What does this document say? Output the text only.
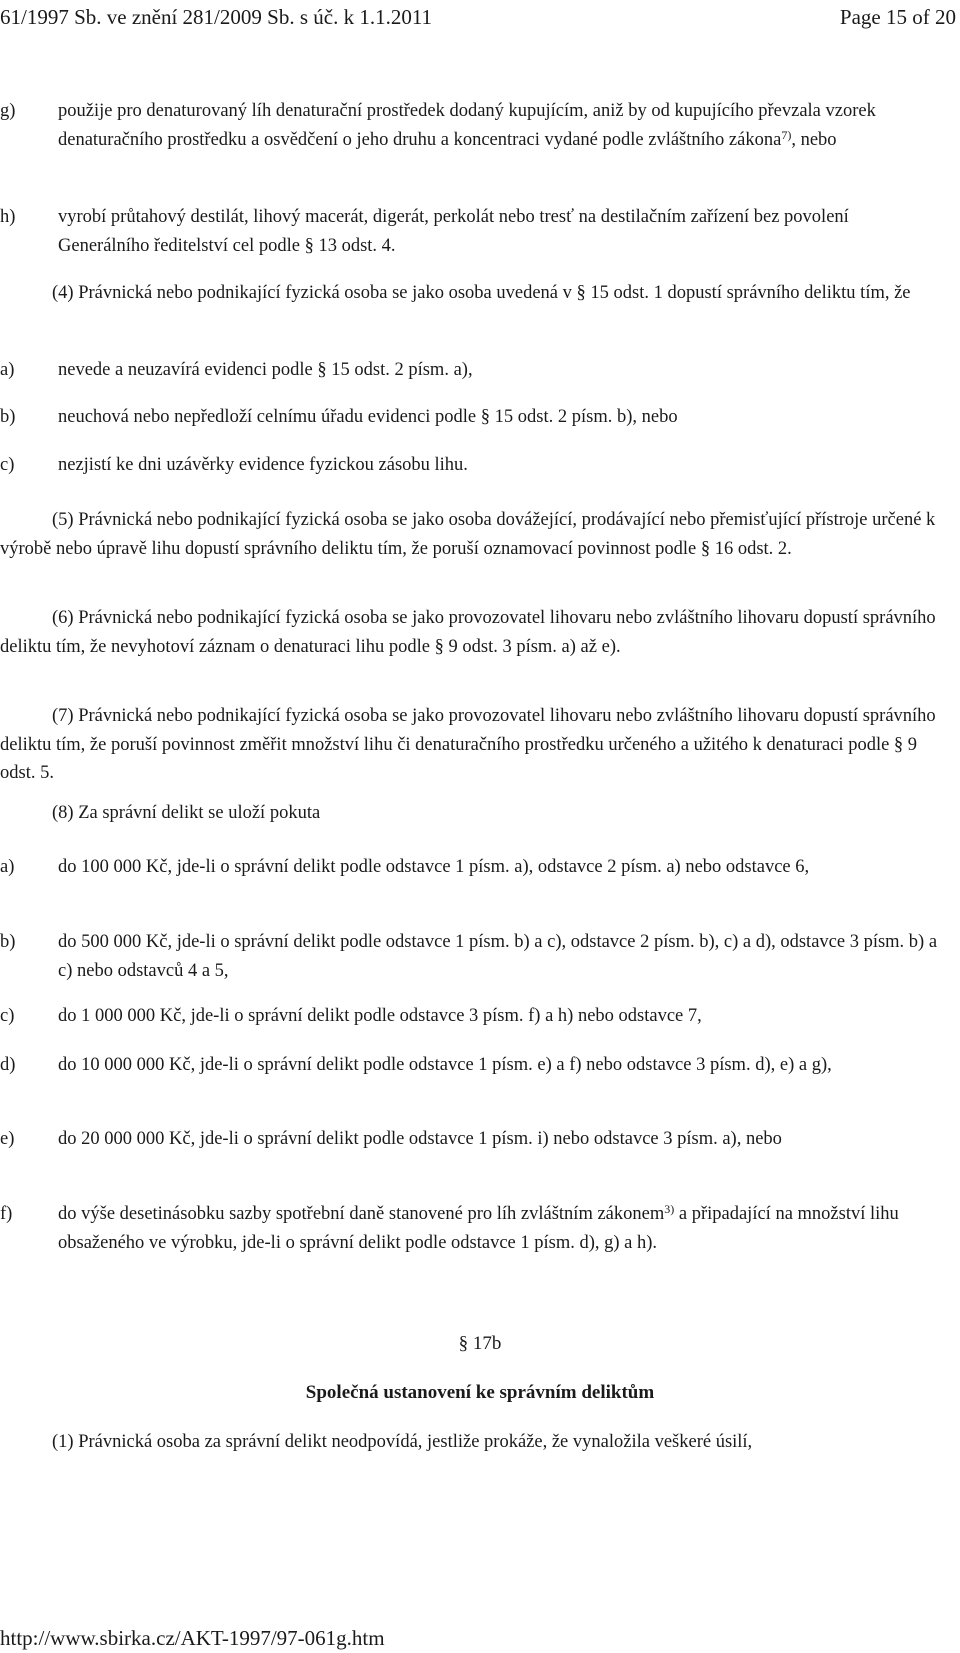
61/1997 Sb. ve znění 281/2009 Sb. s úč. k 1.1.2011	Page 15 of 20
g) použije pro denaturovaný líh denaturační prostředek dodaný kupujícím, aniž by od kupujícího převzala vzorek denaturačního prostředku a osvědčení o jeho druhu a koncentraci vydané podle zvláštního zákona$^{7)}$, nebo
h) vyrobí průtahový destilát, lihový macerát, digerát, perkolát nebo tresť na destilačním zařízení bez povolení Generálního ředitelství cel podle § 13 odst. 4.
(4) Právnická nebo podnikající fyzická osoba se jako osoba uvedená v § 15 odst. 1 dopustí správního deliktu tím, že
a) nevede a neuzavírá evidenci podle § 15 odst. 2 písm. a),
b) neuchová nebo nepředloží celnímu úřadu evidenci podle § 15 odst. 2 písm. b), nebo
c) nezjistí ke dni uzávěrky evidence fyzickou zásobu lihu.
(5) Právnická nebo podnikající fyzická osoba se jako osoba dovážející, prodávající nebo přemisťující přístroje určené k výrobě nebo úpravě lihu dopustí správního deliktu tím, že poruší oznamovací povinnost podle § 16 odst. 2.
(6) Právnická nebo podnikající fyzická osoba se jako provozovatel lihovaru nebo zvláštního lihovaru dopustí správního deliktu tím, že nevyhotoví záznam o denaturaci lihu podle § 9 odst. 3 písm. a) až e).
(7) Právnická nebo podnikající fyzická osoba se jako provozovatel lihovaru nebo zvláštního lihovaru dopustí správního deliktu tím, že poruší povinnost změřit množství lihu či denaturačního prostředku určeného a užitého k denaturaci podle § 9 odst. 5.
(8) Za správní delikt se uloží pokuta
a) do 100 000 Kč, jde-li o správní delikt podle odstavce 1 písm. a), odstavce 2 písm. a) nebo odstavce 6,
b) do 500 000 Kč, jde-li o správní delikt podle odstavce 1 písm. b) a c), odstavce 2 písm. b), c) a d), odstavce 3 písm. b) a c) nebo odstavců 4 a 5,
c) do 1 000 000 Kč, jde-li o správní delikt podle odstavce 3 písm. f) a h) nebo odstavce 7,
d) do 10 000 000 Kč, jde-li o správní delikt podle odstavce 1 písm. e) a f) nebo odstavce 3 písm. d), e) a g),
e) do 20 000 000 Kč, jde-li o správní delikt podle odstavce 1 písm. i) nebo odstavce 3 písm. a), nebo
f) do výše desetinásobku sazby spotřební daně stanovené pro líh zvláštním zákonem$^{3)}$ a připadající na množství lihu obsaženého ve výrobku, jde-li o správní delikt podle odstavce 1 písm. d), g) a h).
§ 17b
Společná ustanovení ke správním deliktům
(1) Právnická osoba za správní delikt neodpovídá, jestliže prokáže, že vynaložila veškeré úsilí,
http://www.sbirka.cz/AKT-1997/97-061g.htm
